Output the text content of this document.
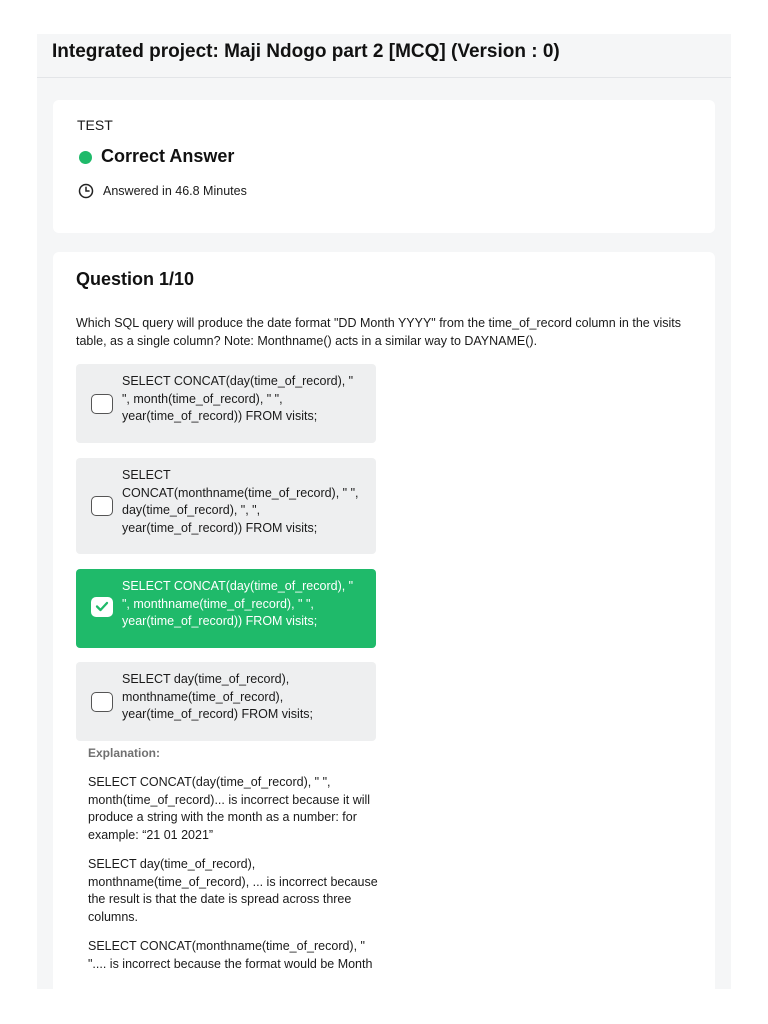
Integrated project: Maji Ndogo part 2 [MCQ] (Version : 0)
TEST
Correct Answer
Answered in 46.8 Minutes
Question 1/10
Which SQL query will produce the date format "DD Month YYYY" from the time_of_record column in the visits table, as a single column? Note: Monthname() acts in a similar way to DAYNAME().
SELECT CONCAT(day(time_of_record), " ", month(time_of_record), " ", year(time_of_record)) FROM visits;
SELECT CONCAT(monthname(time_of_record), " ", day(time_of_record), ", ", year(time_of_record)) FROM visits;
SELECT CONCAT(day(time_of_record), " ", monthname(time_of_record), " ", year(time_of_record)) FROM visits;
SELECT day(time_of_record), monthname(time_of_record), year(time_of_record) FROM visits;
Explanation:
SELECT CONCAT(day(time_of_record), " ", month(time_of_record)... is incorrect because it will produce a string with the month as a number: for example: “21 01 2021”
SELECT day(time_of_record), monthname(time_of_record), ... is incorrect because the result is that the date is spread across three columns.
SELECT CONCAT(monthname(time_of_record), " ".... is incorrect because the format would be Month
